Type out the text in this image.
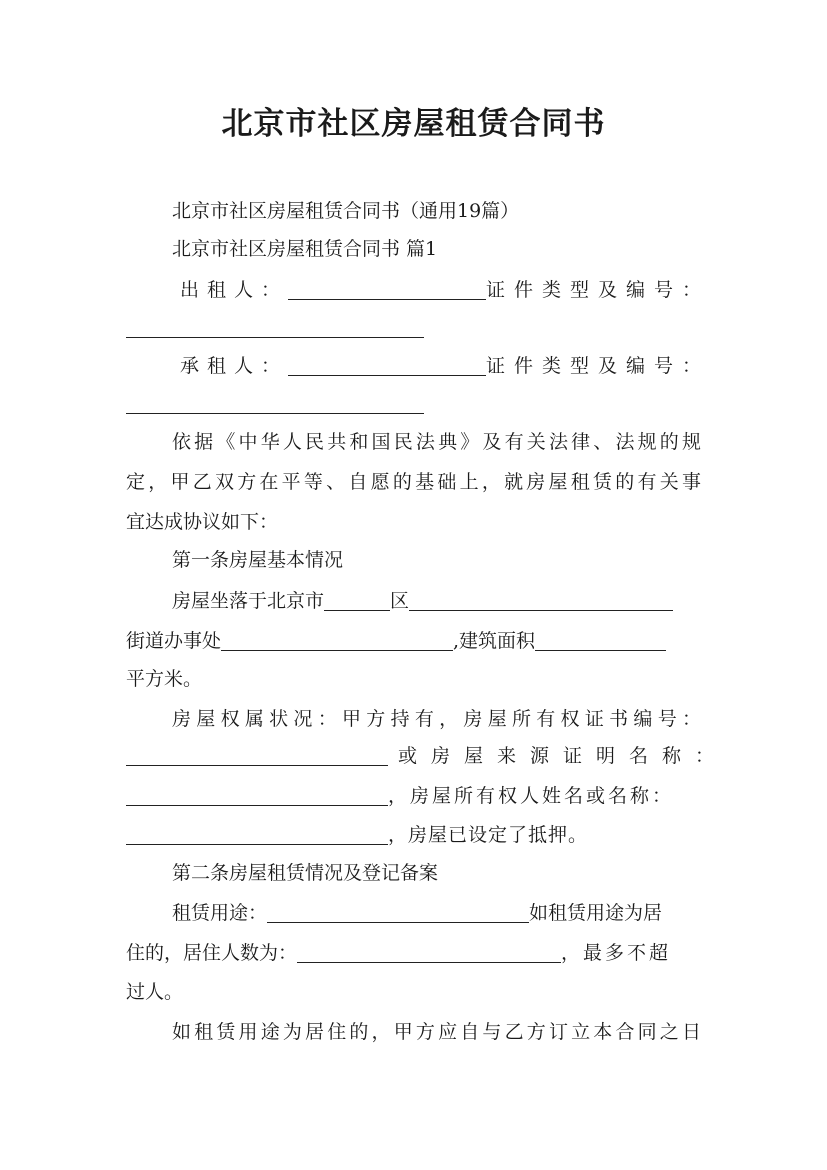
北京市社区房屋租赁合同书
北京市社区房屋租赁合同书（通用19篇）
北京市社区房屋租赁合同书 篇1
出租人：	证件类型及编号：
承租人：	证件类型及编号：
依据《中华人民共和国民法典》及有关法律、法规的规
定，甲乙双方在平等、自愿的基础上，就房屋租赁的有关事
宜达成协议如下：
第一条房屋基本情况
房屋坐落于北京市	区
街道办事处	,建筑面积
平方米。
房屋权属状况：甲方持有，房屋所有权证书编号：
或房屋来源证明名称：
，房屋所有权人姓名或名称：
，房屋已设定了抵押。
第二条房屋租赁情况及登记备案
租赁用途：	如租赁用途为居
住的，居住人数为：	，最多不超
过人。
如租赁用途为居住的，甲方应自与乙方订立本合同之日
